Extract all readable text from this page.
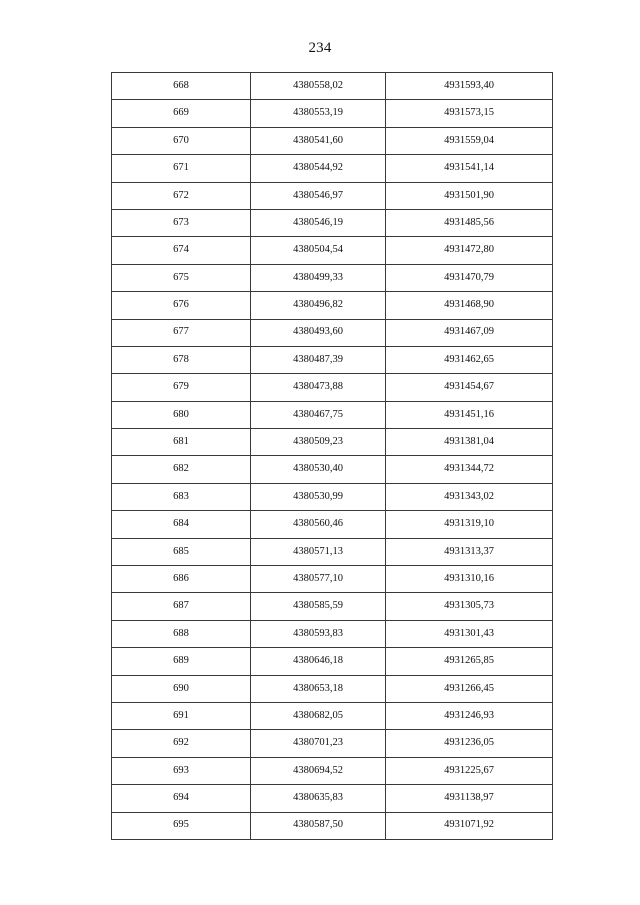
234
668	4380558,02	4931593,40
669	4380553,19	4931573,15
670	4380541,60	4931559,04
671	4380544,92	4931541,14
672	4380546,97	4931501,90
673	4380546,19	4931485,56
674	4380504,54	4931472,80
675	4380499,33	4931470,79
676	4380496,82	4931468,90
677	4380493,60	4931467,09
678	4380487,39	4931462,65
679	4380473,88	4931454,67
680	4380467,75	4931451,16
681	4380509,23	4931381,04
682	4380530,40	4931344,72
683	4380530,99	4931343,02
684	4380560,46	4931319,10
685	4380571,13	4931313,37
686	4380577,10	4931310,16
687	4380585,59	4931305,73
688	4380593,83	4931301,43
689	4380646,18	4931265,85
690	4380653,18	4931266,45
691	4380682,05	4931246,93
692	4380701,23	4931236,05
693	4380694,52	4931225,67
694	4380635,83	4931138,97
695	4380587,50	4931071,92
